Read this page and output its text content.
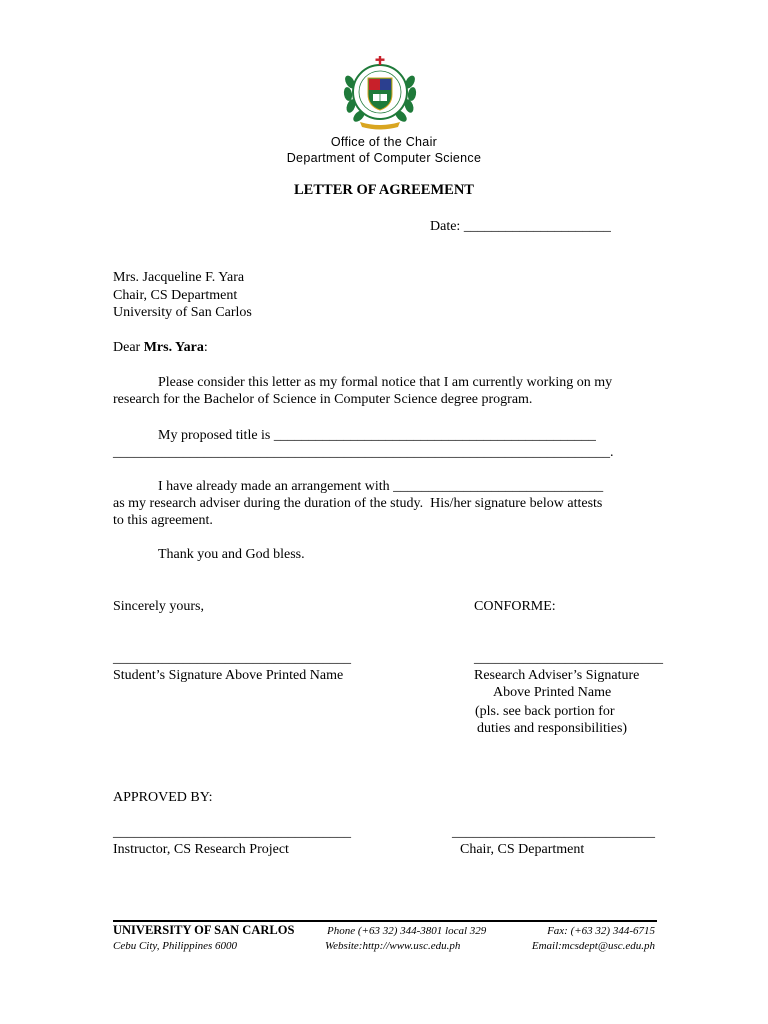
Office of the Chair
Department of Computer Science
LETTER OF AGREEMENT
Date: _____________________
Mrs. Jacqueline F. Yara
Chair, CS Department
University of San Carlos
Dear Mrs. Yara:
Please consider this letter as my formal notice that I am currently working on my
research for the Bachelor of Science in Computer Science degree program.
My proposed title is ______________________________________________
_______________________________________________________________________.
I have already made an arrangement with ______________________________
as my research adviser during the duration of the study.  His/her signature below attests
to this agreement.
Thank you and God bless.
Sincerely yours,	CONFORME:
__________________________________
Student’s Signature Above Printed Name
___________________________
Research Adviser’s Signature
Above Printed Name
(pls. see back portion for
duties and responsibilities)
APPROVED BY:
__________________________________
Instructor, CS Research Project
_____________________________
Chair, CS Department
UNIVERSITY OF SAN CARLOS
Cebu City, Philippines 6000
Phone (+63 32) 344-3801 local 329
Website:http://www.usc.edu.ph
Fax: (+63 32) 344-6715
Email:mcsdept@usc.edu.ph
